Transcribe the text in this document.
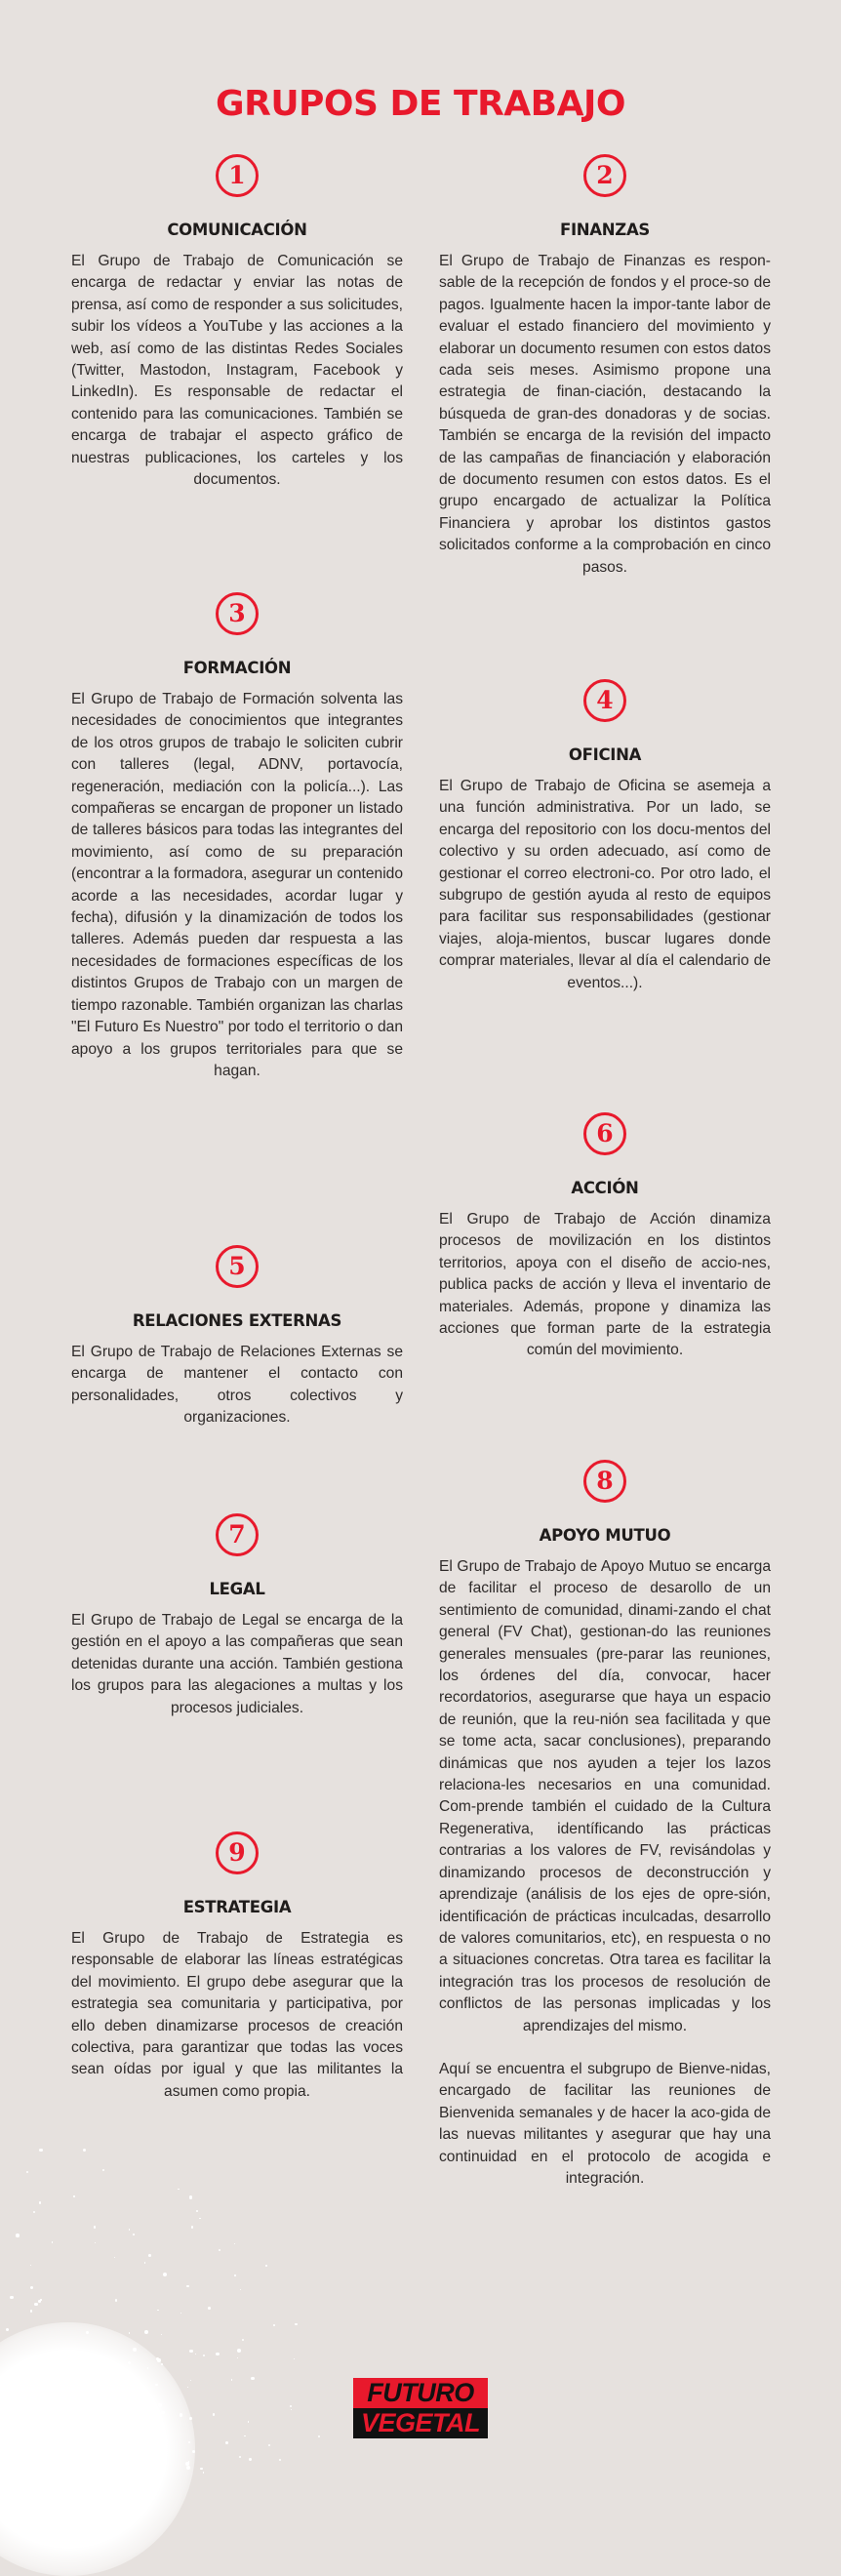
GRUPOS DE TRABAJO
1
COMUNICACIÓN

El Grupo de Trabajo de Comunicación se encarga de redactar y enviar las notas de prensa, así como de responder a sus solicitudes, subir los vídeos a YouTube y las acciones a la web, así como de las distintas Redes Sociales (Twitter, Mastodon, Instagram, Facebook y LinkedIn). Es responsable de redactar el contenido para las comunicaciones. También se encarga de trabajar el aspecto gráfico de nuestras publicaciones, los carteles y los documentos.

2
FINANZAS

El Grupo de Trabajo de Finanzas es respon-sable de la recepción de fondos y el proce-so de pagos. Igualmente hacen la impor-tante labor de evaluar el estado financiero del movimiento y elaborar un documento resumen con estos datos cada seis meses. Asimismo propone una estrategia de finan-ciación, destacando la búsqueda de gran-des donadoras y de socias. También se encarga de la revisión del impacto de las campañas de financiación y elaboración de documento resumen con estos datos. Es el grupo encargado de actualizar la Política Financiera y aprobar los distintos gastos solicitados conforme a la comprobación en cinco pasos.

3
FORMACIÓN

El Grupo de Trabajo de Formación solventa las necesidades de conocimientos que integrantes de los otros grupos de trabajo le soliciten cubrir con talleres (legal, ADNV, portavocía, regeneración, mediación con la policía...). Las compañeras se encargan de proponer un listado de talleres básicos para todas las integrantes del movimiento, así como de su preparación (encontrar a la formadora, asegurar un contenido acorde a las necesidades, acordar lugar y fecha), difusión y la dinamización de todos los talleres. Además pueden dar respuesta a las necesidades de formaciones específicas de los distintos Grupos de Trabajo con un margen de tiempo razonable. También organizan las charlas "El Futuro Es Nuestro" por todo el territorio o dan apoyo a los grupos territoriales para que se hagan.

4
OFICINA

El Grupo de Trabajo de Oficina se asemeja a una función administrativa. Por un lado, se encarga del repositorio con los docu-mentos del colectivo y su orden adecuado, así como de gestionar el correo electroni-co. Por otro lado, el subgrupo de gestión ayuda al resto de equipos para facilitar sus responsabilidades (gestionar viajes, aloja-mientos, buscar lugares donde comprar materiales, llevar al día el calendario de eventos...).

5
RELACIONES EXTERNAS

El Grupo de Trabajo de Relaciones Externas se encarga de mantener el contacto con personalidades, otros colectivos y organizaciones.

6
ACCIÓN

El Grupo de Trabajo de Acción dinamiza procesos de movilización en los distintos territorios, apoya con el diseño de accio-nes, publica packs de acción y lleva el inventario de materiales. Además, propone y dinamiza las acciones que forman parte de la estrategia común del movimiento.

7
LEGAL

El Grupo de Trabajo de Legal se encarga de la gestión en el apoyo a las compañeras que sean detenidas durante una acción. También gestiona los grupos para las alegaciones a multas y los procesos judiciales.

8
APOYO MUTUO

El Grupo de Trabajo de Apoyo Mutuo se encarga de facilitar el proceso de desarollo de un sentimiento de comunidad, dinami-zando el chat general (FV Chat), gestionan-do las reuniones generales mensuales (pre-parar las reuniones, los órdenes del día, convocar, hacer recordatorios, asegurarse que haya un espacio de reunión, que la reu-nión sea facilitada y que se tome acta, sacar conclusiones), preparando dinámicas que nos ayuden a tejer los lazos relaciona-les necesarios en una comunidad. Com-prende también el cuidado de la Cultura Regenerativa, identíficando las prácticas contrarias a los valores de FV, revisándolas y dinamizando procesos de deconstrucción y aprendizaje (análisis de los ejes de opre-sión, identificación de prácticas inculcadas, desarrollo de valores comunitarios, etc), en respuesta o no a situaciones concretas. Otra tarea es facilitar la integración tras los procesos de resolución de conflictos de las personas implicadas y los aprendizajes del mismo.

Aquí se encuentra el subgrupo de Bienve-nidas, encargado de facilitar las reuniones de Bienvenida semanales y de hacer la aco-gida de las nuevas militantes y asegurar que hay una continuidad en el protocolo de acogida e integración.

9
ESTRATEGIA

El Grupo de Trabajo de Estrategia es responsable de elaborar las líneas estratégicas del movimiento. El grupo debe asegurar que la estrategia sea comunitaria y participativa, por ello deben dinamizarse procesos de creación colectiva, para garantizar que todas las voces sean oídas por igual y que las militantes la asumen como propia.

FUTURO
VEGETAL
